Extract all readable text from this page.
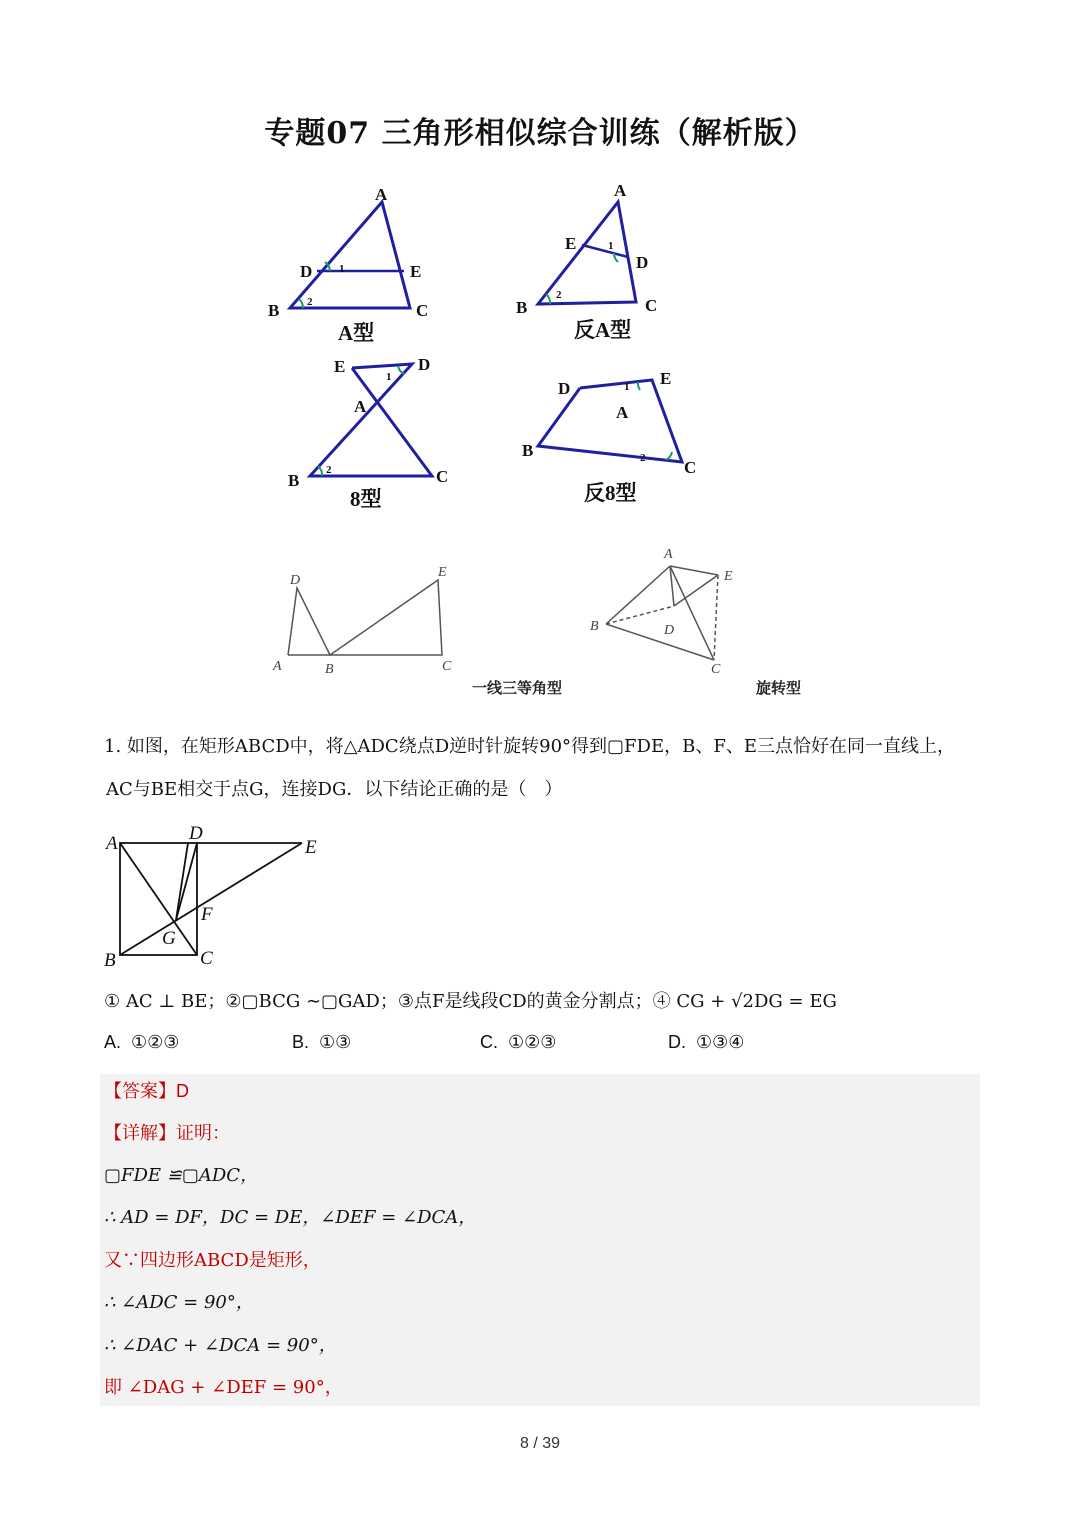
专题07 三角形相似综合训练（解析版）
A
D	E
B	C
1
2
A型
A
E
D
B	C
1
2
反A型
E	D
A
B	C
1
2
8型
D
E
A
B
C
1
2
反8型
D
E
A	B	C
一线三等角型
A
E
B	D
C
旋转型
1. 如图，在矩形ABCD中，将△ADC绕点D逆时针旋转90°得到▢FDE，B、F、E三点恰好在同一直线上，
AC与BE相交于点G，连接DG．以下结论正确的是（　）
A	D
E
F
G
B	C
① AC ⊥ BE；②▢BCG ∼▢GAD；③点F是线段CD的黄金分割点；④ CG + √2DG = EG
A. ①②③	B. ①③	C. ①②③	D. ①③④
【答案】D
【详解】证明：
▢FDE ≌▢ADC，
∴ AD = DF，DC = DE，∠DEF = ∠DCA，
又∵四边形ABCD是矩形，
∴ ∠ADC = 90°，
∴ ∠DAC + ∠DCA = 90°，
即 ∠DAG + ∠DEF = 90°，
8 / 39
